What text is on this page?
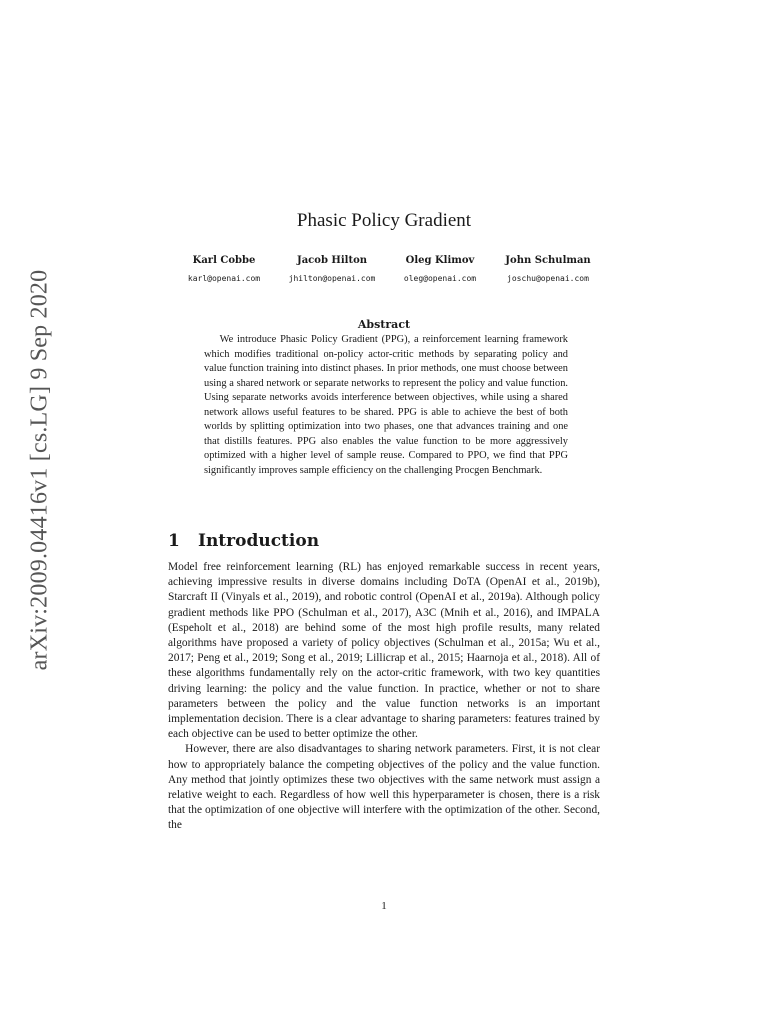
arXiv:2009.04416v1 [cs.LG] 9 Sep 2020
Phasic Policy Gradient
Karl Cobbe
karl@openai.com
Jacob Hilton
jhilton@openai.com
Oleg Klimov
oleg@openai.com
John Schulman
joschu@openai.com
Abstract
We introduce Phasic Policy Gradient (PPG), a reinforcement learning framework which modifies traditional on-policy actor-critic methods by separating policy and value function training into distinct phases. In prior methods, one must choose between using a shared network or separate networks to represent the policy and value function. Using separate networks avoids interference between objectives, while using a shared network allows useful features to be shared. PPG is able to achieve the best of both worlds by splitting optimization into two phases, one that advances training and one that distills features. PPG also enables the value function to be more aggressively optimized with a higher level of sample reuse. Compared to PPO, we find that PPG significantly improves sample efficiency on the challenging Procgen Benchmark.
1 Introduction

Model free reinforcement learning (RL) has enjoyed remarkable success in recent years, achieving impressive results in diverse domains including DoTA (OpenAI et al., 2019b), Starcraft II (Vinyals et al., 2019), and robotic control (OpenAI et al., 2019a). Although policy gradient methods like PPO (Schulman et al., 2017), A3C (Mnih et al., 2016), and IMPALA (Espeholt et al., 2018) are behind some of the most high profile results, many related algorithms have proposed a variety of policy objectives (Schulman et al., 2015a; Wu et al., 2017; Peng et al., 2019; Song et al., 2019; Lillicrap et al., 2015; Haarnoja et al., 2018). All of these algorithms fundamentally rely on the actor-critic framework, with two key quantities driving learning: the policy and the value function. In practice, whether or not to share parameters between the policy and the value function networks is an important implementation decision. There is a clear advantage to sharing parameters: features trained by each objective can be used to better optimize the other.

However, there are also disadvantages to sharing network parameters. First, it is not clear how to appropriately balance the competing objectives of the policy and the value function. Any method that jointly optimizes these two objectives with the same network must assign a relative weight to each. Regardless of how well this hyperparameter is chosen, there is a risk that the optimization of one objective will interfere with the optimization of the other. Second, the

1
